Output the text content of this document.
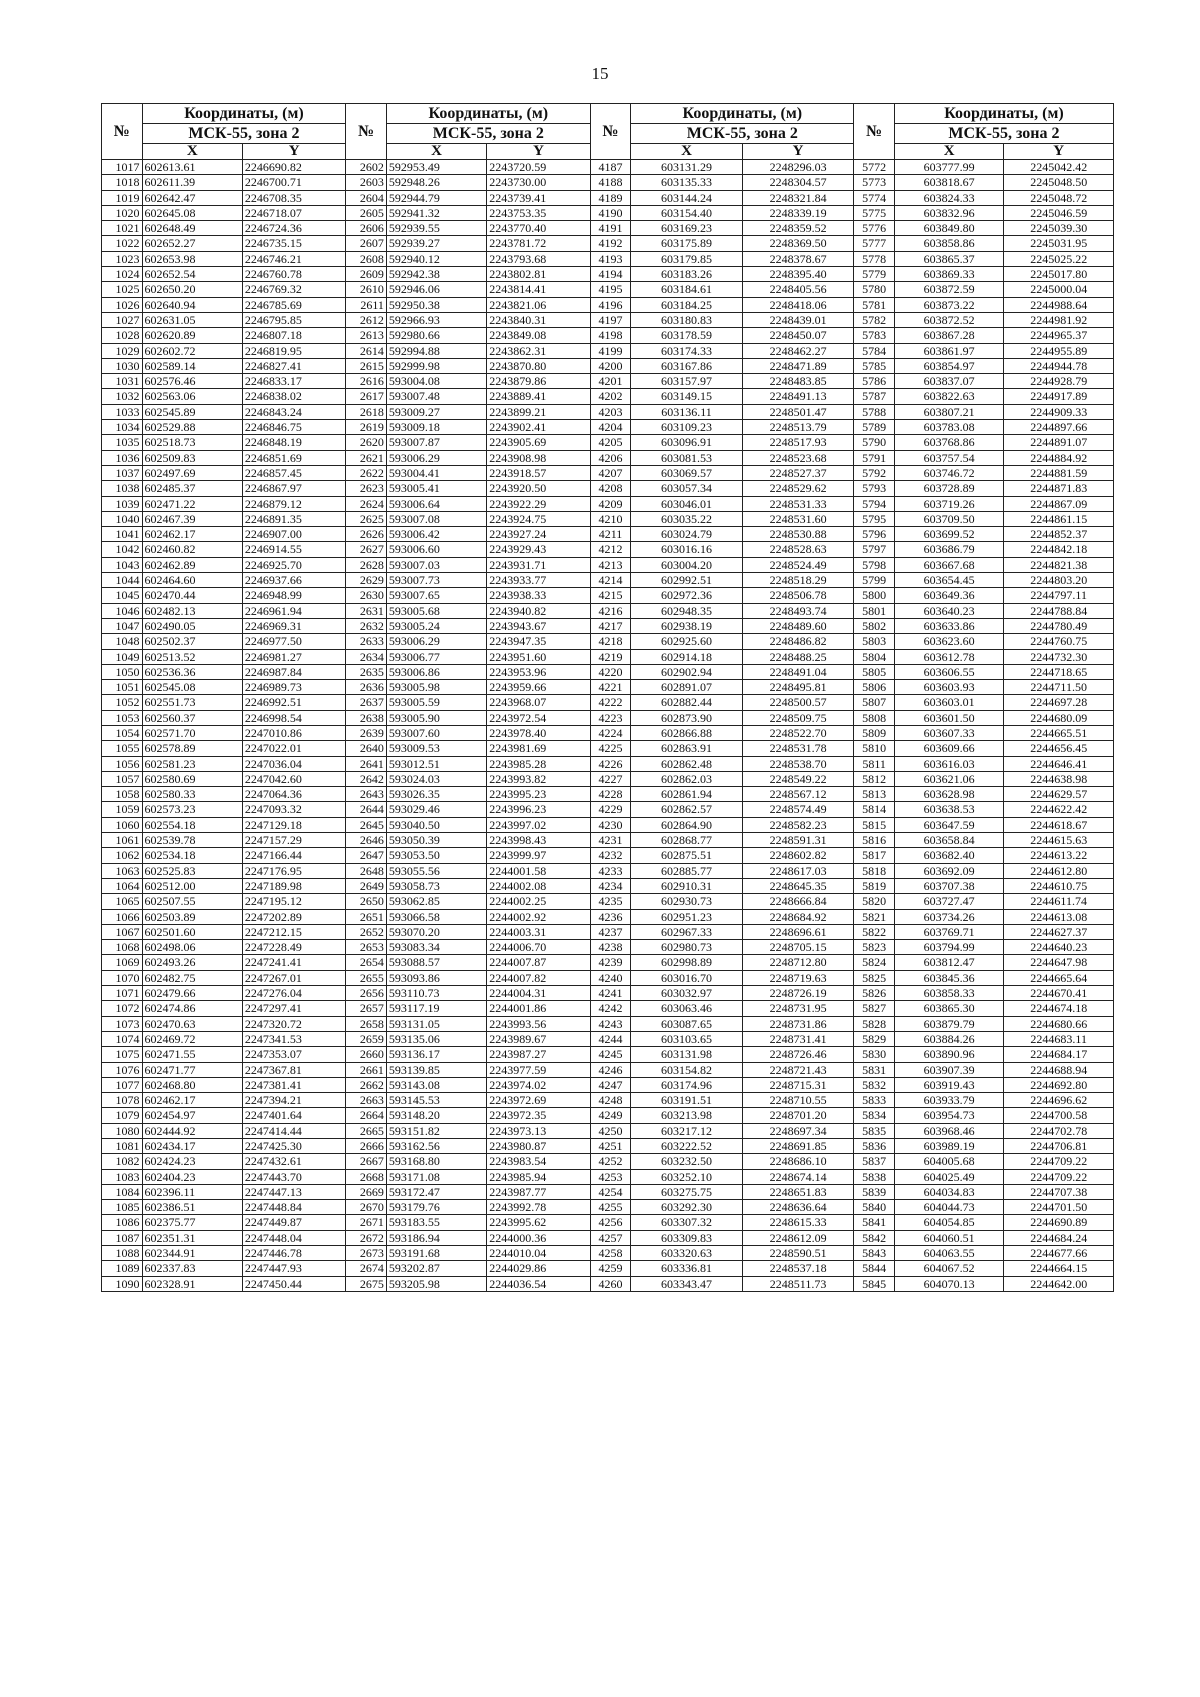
15
№	Координаты, (м)		№	Координаты, (м)		№	Координаты, (м)		№	Координаты, (м)	
	МСК-55, зона 2			МСК-55, зона 2			МСК-55, зона 2			МСК-55, зона 2	
	X	Y		X	Y		X	Y		X	Y
1017	602613.61	2246690.82	2602	592953.49	2243720.59	4187	603131.29	2248296.03	5772	603777.99	2245042.42
1018	602611.39	2246700.71	2603	592948.26	2243730.00	4188	603135.33	2248304.57	5773	603818.67	2245048.50
1019	602642.47	2246708.35	2604	592944.79	2243739.41	4189	603144.24	2248321.84	5774	603824.33	2245048.72
1020	602645.08	2246718.07	2605	592941.32	2243753.35	4190	603154.40	2248339.19	5775	603832.96	2245046.59
1021	602648.49	2246724.36	2606	592939.55	2243770.40	4191	603169.23	2248359.52	5776	603849.80	2245039.30
1022	602652.27	2246735.15	2607	592939.27	2243781.72	4192	603175.89	2248369.50	5777	603858.86	2245031.95
1023	602653.98	2246746.21	2608	592940.12	2243793.68	4193	603179.85	2248378.67	5778	603865.37	2245025.22
1024	602652.54	2246760.78	2609	592942.38	2243802.81	4194	603183.26	2248395.40	5779	603869.33	2245017.80
1025	602650.20	2246769.32	2610	592946.06	2243814.41	4195	603184.61	2248405.56	5780	603872.59	2245000.04
1026	602640.94	2246785.69	2611	592950.38	2243821.06	4196	603184.25	2248418.06	5781	603873.22	2244988.64
1027	602631.05	2246795.85	2612	592966.93	2243840.31	4197	603180.83	2248439.01	5782	603872.52	2244981.92
1028	602620.89	2246807.18	2613	592980.66	2243849.08	4198	603178.59	2248450.07	5783	603867.28	2244965.37
1029	602602.72	2246819.95	2614	592994.88	2243862.31	4199	603174.33	2248462.27	5784	603861.97	2244955.89
1030	602589.14	2246827.41	2615	592999.98	2243870.80	4200	603167.86	2248471.89	5785	603854.97	2244944.78
1031	602576.46	2246833.17	2616	593004.08	2243879.86	4201	603157.97	2248483.85	5786	603837.07	2244928.79
1032	602563.06	2246838.02	2617	593007.48	2243889.41	4202	603149.15	2248491.13	5787	603822.63	2244917.89
1033	602545.89	2246843.24	2618	593009.27	2243899.21	4203	603136.11	2248501.47	5788	603807.21	2244909.33
1034	602529.88	2246846.75	2619	593009.18	2243902.41	4204	603109.23	2248513.79	5789	603783.08	2244897.66
1035	602518.73	2246848.19	2620	593007.87	2243905.69	4205	603096.91	2248517.93	5790	603768.86	2244891.07
1036	602509.83	2246851.69	2621	593006.29	2243908.98	4206	603081.53	2248523.68	5791	603757.54	2244884.92
1037	602497.69	2246857.45	2622	593004.41	2243918.57	4207	603069.57	2248527.37	5792	603746.72	2244881.59
1038	602485.37	2246867.97	2623	593005.41	2243920.50	4208	603057.34	2248529.62	5793	603728.89	2244871.83
1039	602471.22	2246879.12	2624	593006.64	2243922.29	4209	603046.01	2248531.33	5794	603719.26	2244867.09
1040	602467.39	2246891.35	2625	593007.08	2243924.75	4210	603035.22	2248531.60	5795	603709.50	2244861.15
1041	602462.17	2246907.00	2626	593006.42	2243927.24	4211	603024.79	2248530.88	5796	603699.52	2244852.37
1042	602460.82	2246914.55	2627	593006.60	2243929.43	4212	603016.16	2248528.63	5797	603686.79	2244842.18
1043	602462.89	2246925.70	2628	593007.03	2243931.71	4213	603004.20	2248524.49	5798	603667.68	2244821.38
1044	602464.60	2246937.66	2629	593007.73	2243933.77	4214	602992.51	2248518.29	5799	603654.45	2244803.20
1045	602470.44	2246948.99	2630	593007.65	2243938.33	4215	602972.36	2248506.78	5800	603649.36	2244797.11
1046	602482.13	2246961.94	2631	593005.68	2243940.82	4216	602948.35	2248493.74	5801	603640.23	2244788.84
1047	602490.05	2246969.31	2632	593005.24	2243943.67	4217	602938.19	2248489.60	5802	603633.86	2244780.49
1048	602502.37	2246977.50	2633	593006.29	2243947.35	4218	602925.60	2248486.82	5803	603623.60	2244760.75
1049	602513.52	2246981.27	2634	593006.77	2243951.60	4219	602914.18	2248488.25	5804	603612.78	2244732.30
1050	602536.36	2246987.84	2635	593006.86	2243953.96	4220	602902.94	2248491.04	5805	603606.55	2244718.65
1051	602545.08	2246989.73	2636	593005.98	2243959.66	4221	602891.07	2248495.81	5806	603603.93	2244711.50
1052	602551.73	2246992.51	2637	593005.59	2243968.07	4222	602882.44	2248500.57	5807	603603.01	2244697.28
1053	602560.37	2246998.54	2638	593005.90	2243972.54	4223	602873.90	2248509.75	5808	603601.50	2244680.09
1054	602571.70	2247010.86	2639	593007.60	2243978.40	4224	602866.88	2248522.70	5809	603607.33	2244665.51
1055	602578.89	2247022.01	2640	593009.53	2243981.69	4225	602863.91	2248531.78	5810	603609.66	2244656.45
1056	602581.23	2247036.04	2641	593012.51	2243985.28	4226	602862.48	2248538.70	5811	603616.03	2244646.41
1057	602580.69	2247042.60	2642	593024.03	2243993.82	4227	602862.03	2248549.22	5812	603621.06	2244638.98
1058	602580.33	2247064.36	2643	593026.35	2243995.23	4228	602861.94	2248567.12	5813	603628.98	2244629.57
1059	602573.23	2247093.32	2644	593029.46	2243996.23	4229	602862.57	2248574.49	5814	603638.53	2244622.42
1060	602554.18	2247129.18	2645	593040.50	2243997.02	4230	602864.90	2248582.23	5815	603647.59	2244618.67
1061	602539.78	2247157.29	2646	593050.39	2243998.43	4231	602868.77	2248591.31	5816	603658.84	2244615.63
1062	602534.18	2247166.44	2647	593053.50	2243999.97	4232	602875.51	2248602.82	5817	603682.40	2244613.22
1063	602525.83	2247176.95	2648	593055.56	2244001.58	4233	602885.77	2248617.03	5818	603692.09	2244612.80
1064	602512.00	2247189.98	2649	593058.73	2244002.08	4234	602910.31	2248645.35	5819	603707.38	2244610.75
1065	602507.55	2247195.12	2650	593062.85	2244002.25	4235	602930.73	2248666.84	5820	603727.47	2244611.74
1066	602503.89	2247202.89	2651	593066.58	2244002.92	4236	602951.23	2248684.92	5821	603734.26	2244613.08
1067	602501.60	2247212.15	2652	593070.20	2244003.31	4237	602967.33	2248696.61	5822	603769.71	2244627.37
1068	602498.06	2247228.49	2653	593083.34	2244006.70	4238	602980.73	2248705.15	5823	603794.99	2244640.23
1069	602493.26	2247241.41	2654	593088.57	2244007.87	4239	602998.89	2248712.80	5824	603812.47	2244647.98
1070	602482.75	2247267.01	2655	593093.86	2244007.82	4240	603016.70	2248719.63	5825	603845.36	2244665.64
1071	602479.66	2247276.04	2656	593110.73	2244004.31	4241	603032.97	2248726.19	5826	603858.33	2244670.41
1072	602474.86	2247297.41	2657	593117.19	2244001.86	4242	603063.46	2248731.95	5827	603865.30	2244674.18
1073	602470.63	2247320.72	2658	593131.05	2243993.56	4243	603087.65	2248731.86	5828	603879.79	2244680.66
1074	602469.72	2247341.53	2659	593135.06	2243989.67	4244	603103.65	2248731.41	5829	603884.26	2244683.11
1075	602471.55	2247353.07	2660	593136.17	2243987.27	4245	603131.98	2248726.46	5830	603890.96	2244684.17
1076	602471.77	2247367.81	2661	593139.85	2243977.59	4246	603154.82	2248721.43	5831	603907.39	2244688.94
1077	602468.80	2247381.41	2662	593143.08	2243974.02	4247	603174.96	2248715.31	5832	603919.43	2244692.80
1078	602462.17	2247394.21	2663	593145.53	2243972.69	4248	603191.51	2248710.55	5833	603933.79	2244696.62
1079	602454.97	2247401.64	2664	593148.20	2243972.35	4249	603213.98	2248701.20	5834	603954.73	2244700.58
1080	602444.92	2247414.44	2665	593151.82	2243973.13	4250	603217.12	2248697.34	5835	603968.46	2244702.78
1081	602434.17	2247425.30	2666	593162.56	2243980.87	4251	603222.52	2248691.85	5836	603989.19	2244706.81
1082	602424.23	2247432.61	2667	593168.80	2243983.54	4252	603232.50	2248686.10	5837	604005.68	2244709.22
1083	602404.23	2247443.70	2668	593171.08	2243985.94	4253	603252.10	2248674.14	5838	604025.49	2244709.22
1084	602396.11	2247447.13	2669	593172.47	2243987.77	4254	603275.75	2248651.83	5839	604034.83	2244707.38
1085	602386.51	2247448.84	2670	593179.76	2243992.78	4255	603292.30	2248636.64	5840	604044.73	2244701.50
1086	602375.77	2247449.87	2671	593183.55	2243995.62	4256	603307.32	2248615.33	5841	604054.85	2244690.89
1087	602351.31	2247448.04	2672	593186.94	2244000.36	4257	603309.83	2248612.09	5842	604060.51	2244684.24
1088	602344.91	2247446.78	2673	593191.68	2244010.04	4258	603320.63	2248590.51	5843	604063.55	2244677.66
1089	602337.83	2247447.93	2674	593202.87	2244029.86	4259	603336.81	2248537.18	5844	604067.52	2244664.15
1090	602328.91	2247450.44	2675	593205.98	2244036.54	4260	603343.47	2248511.73	5845	604070.13	2244642.00
